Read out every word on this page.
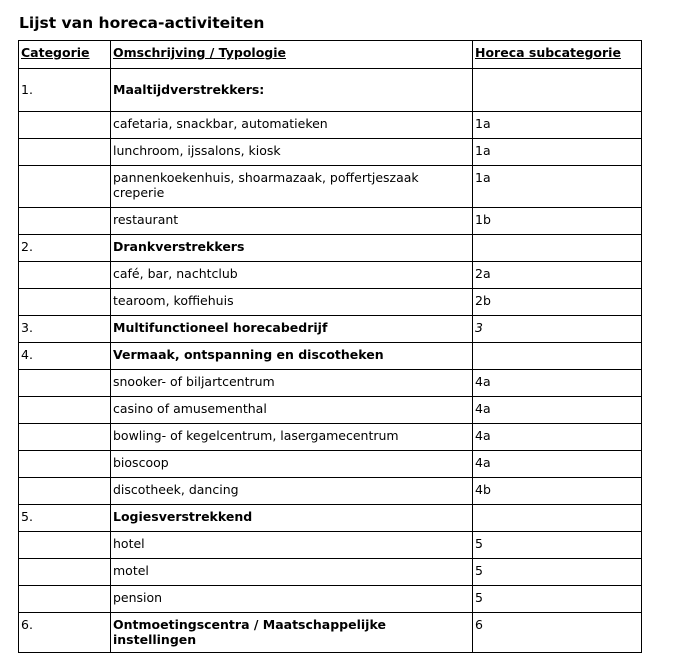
Lijst van horeca-activiteiten
Categorie	Omschrijving / Typologie	Horeca subcategorie
1.	Maaltijdverstrekkers:	
	cafetaria, snackbar, automatieken	1a
	lunchroom, ijssalons, kiosk	1a
	pannenkoekenhuis, shoarmazaak, poffertjeszaak creperie	1a
	restaurant	1b
2.	Drankverstrekkers	
	café, bar, nachtclub	2a
	tearoom, koffiehuis	2b
3.	Multifunctioneel horecabedrijf	3
4.	Vermaak, ontspanning en discotheken	
	snooker- of biljartcentrum	4a
	casino of amusementhal	4a
	bowling- of kegelcentrum, lasergamecentrum	4a
	bioscoop	4a
	discotheek, dancing	4b
5.	Logiesverstrekkend	
	hotel	5
	motel	5
	pension	5
6.	Ontmoetingscentra / Maatschappelijke instellingen	6
